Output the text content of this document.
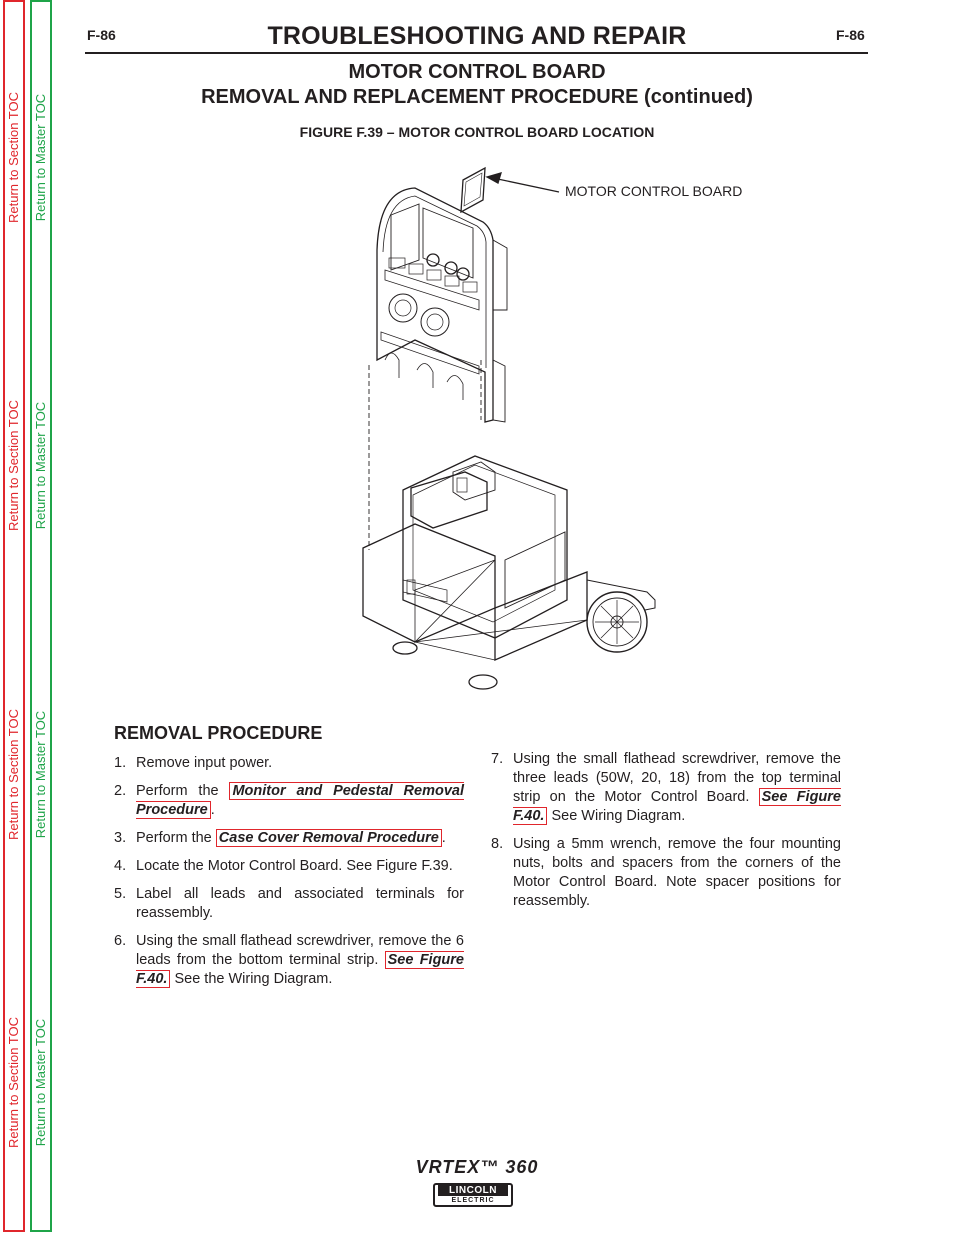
Return to Section TOC
Return to Section TOC
Return to Section TOC
Return to Section TOC
Return to Master TOC
Return to Master TOC
Return to Master TOC
Return to Master TOC
F-86	F-86
TROUBLESHOOTING AND REPAIR
MOTOR CONTROL BOARD
REMOVAL AND REPLACEMENT PROCEDURE (continued)
FIGURE F.39 – MOTOR CONTROL BOARD LOCATION
MOTOR CONTROL BOARD
REMOVAL PROCEDURE
1. Remove input power.
2. Perform the Monitor and Pedestal Removal Procedure .
3. Perform the Case Cover Removal Procedure .
4. Locate the Motor Control Board. See Figure F.39.
5. Label all leads and associated terminals for reassembly.
6. Using the small flathead screwdriver, remove the 6 leads from the bottom terminal strip. See Figure F.40. See the Wiring Diagram.
7. Using the small flathead screwdriver, remove the three leads (50W, 20, 18) from the top terminal strip on the Motor Control Board. See Figure F.40. See Wiring Diagram.
8. Using a 5mm wrench, remove the four mounting nuts, bolts and spacers from the corners of the Motor Control Board. Note spacer positions for reassembly.
VRTEX™ 360
LINCOLN
ELECTRIC
